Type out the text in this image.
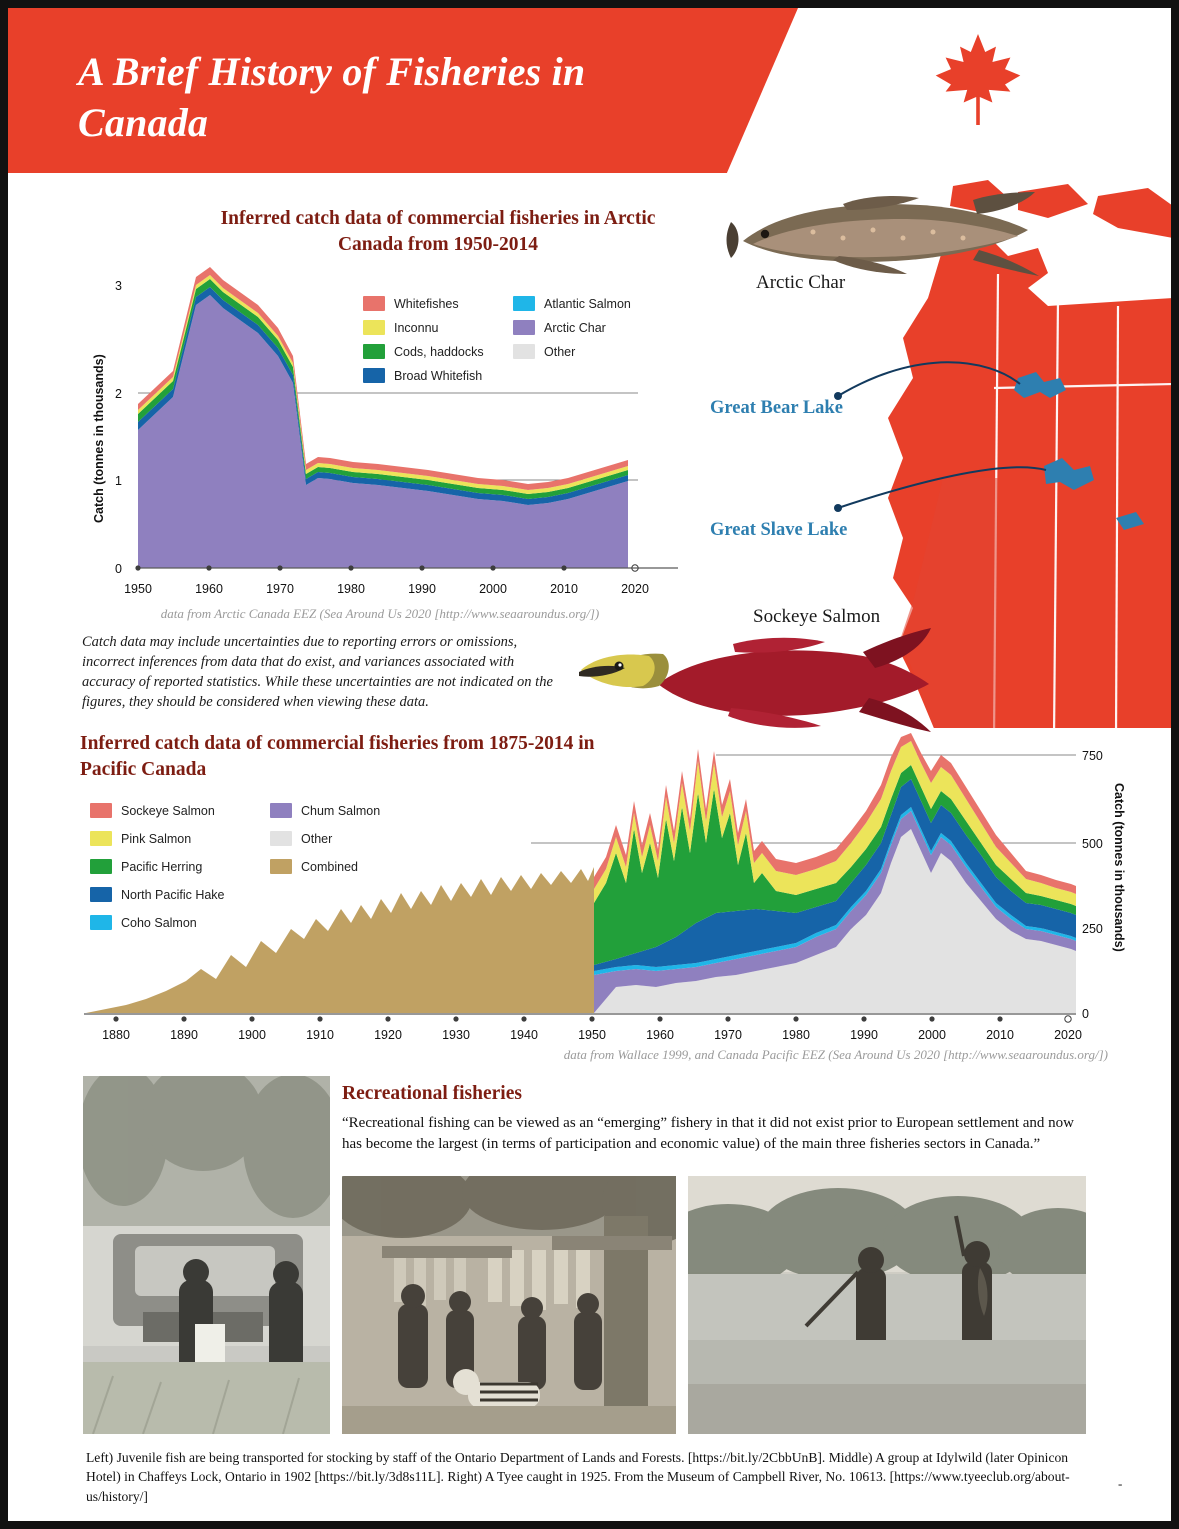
A Brief History of Fisheries in Canada
Inferred catch data of commercial fisheries in Arctic Canada from 1950-2014
Catch (tonnes in thousands)
0
1
2
3
1950	1960	1970	1980	1990	2000	2010	2020
Whitefishes	Atlantic Salmon
Inconnu	Arctic Char
Cods, haddocks	Other
Broad Whitefish
data from Arctic Canada EEZ (Sea Around Us 2020 [http://www.seaaroundus.org/])
Catch data may include uncertainties due to reporting errors or omissions, incorrect inferences from data that do exist, and variances associated with accuracy of reported statistics. While these uncertainties are not indicated on the figures, they should be considered when viewing these data.
Arctic Char
Sockeye Salmon
Great Bear Lake
Great Slave Lake
Inferred catch data of commercial fisheries from 1875-2014 in Pacific Canada
750
500
250
0
1880	1890	1900	1910	1920	1930	1940	1950	1960	1970	1980	1990	2000	2010	2020
Catch (tonnes in thousands)
Sockeye Salmon	Chum Salmon
Pink Salmon	Other
Pacific Herring	Combined
North Pacific Hake
Coho Salmon
data from Wallace 1999, and Canada Pacific EEZ (Sea Around Us 2020 [http://www.seaaroundus.org/])
Recreational fisheries
“Recreational fishing can be viewed as an “emerging” fishery in that it did not exist prior to European settlement and now has become the largest (in terms of participation and economic value) of the main three fisheries sectors in Canada.”
Left) Juvenile fish are being transported for stocking by staff of the Ontario Department of Lands and Forests. [https://bit.ly/2CbbUnB]. Middle) A group at Idylwild (later Opinicon Hotel) in Chaffeys Lock, Ontario in 1902 [https://bit.ly/3d8s11L]. Right) A Tyee caught in 1925. From the Museum of Campbell River, No. 10613. [https://www.tyeeclub.org/about-us/history/]
-
